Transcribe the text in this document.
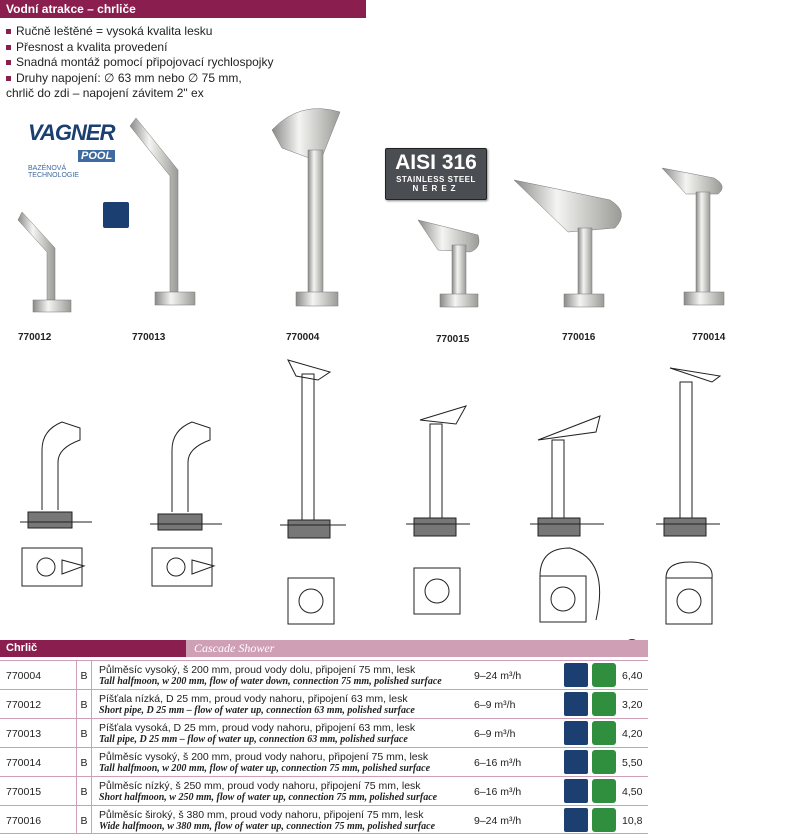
Vodní atrakce – chrliče
Ručně leštěné = vysoká kvalita lesku
Přesnost a kvalita provedení
Snadná montáž pomocí připojovací rychlospojky
Druhy napojení: ∅ 63 mm nebo ∅ 75 mm,
chrlič do zdi – napojení závitem 2" ex
VAGNER
POOL
BAZÉNOVÁ TECHNOLOGIE
AISI 316
STAINLESS STEEL
NEREZ
770012	770013	770004	770015	770016	770014
Chrlič	Cascade Shower
770004	B	Půlměsíc vysoký, š 200 mm, proud vody dolu, připojení 75 mm, lesk
Tall halfmoon, w 200 mm, flow of water down, connection 75 mm, polished surface	9–24 m³/h	6,40
770012	B	Píšťala nízká, D 25 mm, proud vody nahoru, připojení 63 mm, lesk
Short pipe, D 25 mm – flow of water up, connection 63 mm, polished surface	6–9 m³/h	3,20
770013	B	Píšťala vysoká, D 25 mm, proud vody nahoru, připojení 63 mm, lesk
Tall pipe, D 25 mm – flow of water up, connection 63 mm, polished surface	6–9 m³/h	4,20
770014	B	Půlměsíc vysoký, š 200 mm, proud vody nahoru, připojení 75 mm, lesk
Tall halfmoon, w 200 mm, flow of water up, connection 75 mm, polished surface	6–16 m³/h	5,50
770015	B	Půlměsíc nízký, š 250 mm, proud vody nahoru, připojení 75 mm, lesk
Short halfmoon, w 250 mm, flow of water up, connection 75 mm, polished surface	6–16 m³/h	4,50
770016	B	Půlměsíc široký, š 380 mm, proud vody nahoru, připojení 75 mm, lesk
Wide halfmoon, w 380 mm, flow of water up, connection 75 mm, polished surface	9–24 m³/h	10,8
